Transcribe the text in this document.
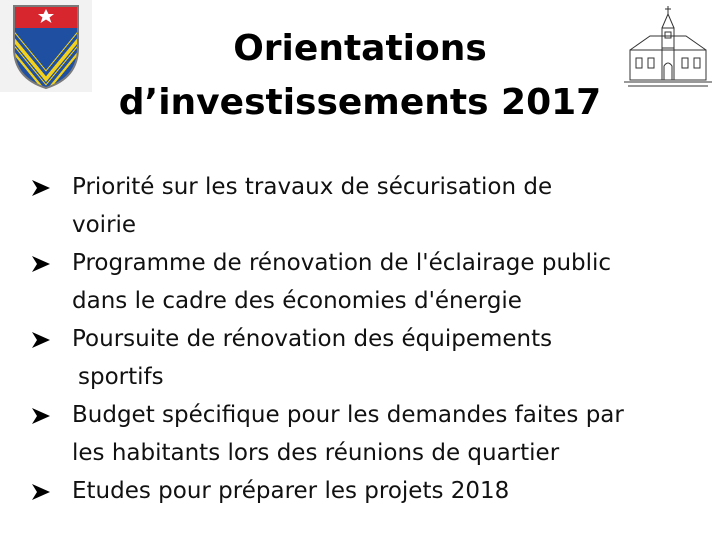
Orientations
d’investissements 2017
Priorité sur les travaux de sécurisation de
voirie
Programme de rénovation de l'éclairage public
dans le cadre des économies d'énergie
Poursuite de rénovation des équipements
sportifs
Budget spécifique pour les demandes faites par
les habitants lors des réunions de quartier
Etudes pour préparer les projets 2018
